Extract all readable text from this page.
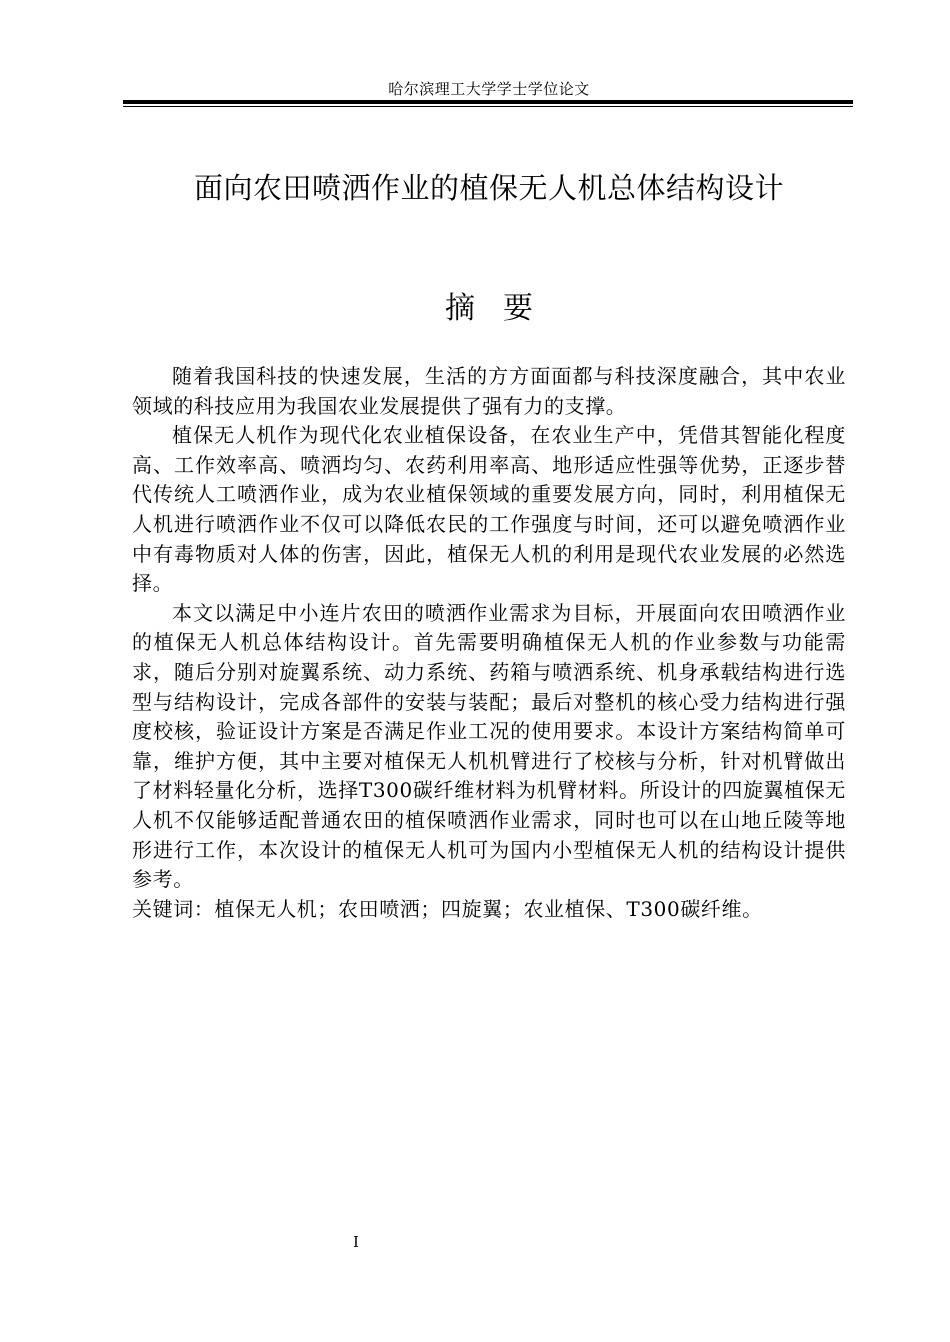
哈尔滨理工大学学士学位论文
面向农田喷洒作业的植保无人机总体结构设计
摘 要

随着我国科技的快速发展，生活的方方面面都与科技深度融合，其中农业领域的科技应用为我国农业发展提供了强有力的支撑。

植保无人机作为现代化农业植保设备，在农业生产中，凭借其智能化程度高、工作效率高、喷洒均匀、农药利用率高、地形适应性强等优势，正逐步替代传统人工喷洒作业，成为农业植保领域的重要发展方向，同时，利用植保无人机进行喷洒作业不仅可以降低农民的工作强度与时间，还可以避免喷洒作业中有毒物质对人体的伤害，因此，植保无人机的利用是现代农业发展的必然选择。

本文以满足中小连片农田的喷洒作业需求为目标，开展面向农田喷洒作业的植保无人机总体结构设计。首先需要明确植保无人机的作业参数与功能需求，随后分别对旋翼系统、动力系统、药箱与喷洒系统、机身承载结构进行选型与结构设计，完成各部件的安装与装配；最后对整机的核心受力结构进行强度校核，验证设计方案是否满足作业工况的使用要求。本设计方案结构简单可靠，维护方便，其中主要对植保无人机机臂进行了校核与分析，针对机臂做出了材料轻量化分析，选择T300碳纤维材料为机臂材料。所设计的四旋翼植保无人机不仅能够适配普通农田的植保喷洒作业需求，同时也可以在山地丘陵等地形进行工作，本次设计的植保无人机可为国内小型植保无人机的结构设计提供参考。

关键词：植保无人机；农田喷洒；四旋翼；农业植保、T300碳纤维。
I
